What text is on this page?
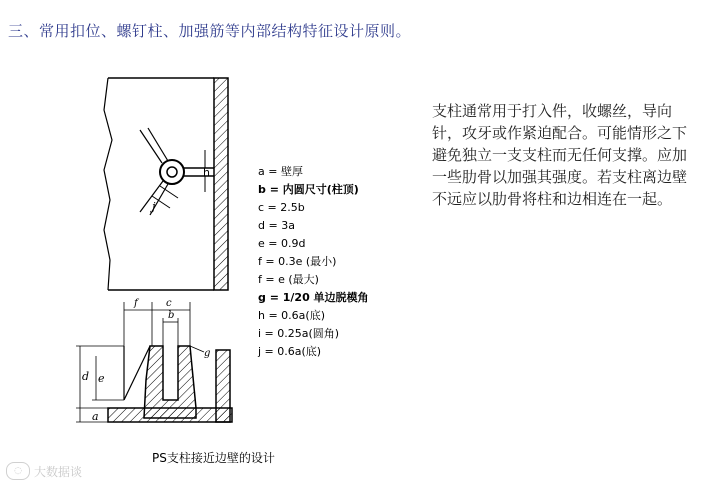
三、常用扣位、螺钉柱、加强筋等内部结构特征设计原则。
h
j
f	c
b
g
d e
a
a = 壁厚
b = 内圆尺寸(柱顶)
c = 2.5b
d = 3a
e = 0.9d
f = 0.3e (最小)
f = e (最大)
g = 1/20 单边脱模角
h = 0.6a(底)
i = 0.25a(圆角)
j = 0.6a(底)
PS支柱接近边壁的设计
支柱通常用于打入件，收螺丝，导向针，攻牙或作紧迫配合。可能情形之下避免独立一支支柱而无任何支撑。应加一些肋骨以加强其强度。若支柱离边壁不远应以肋骨将柱和边相连在一起。
◌	大数据谈
